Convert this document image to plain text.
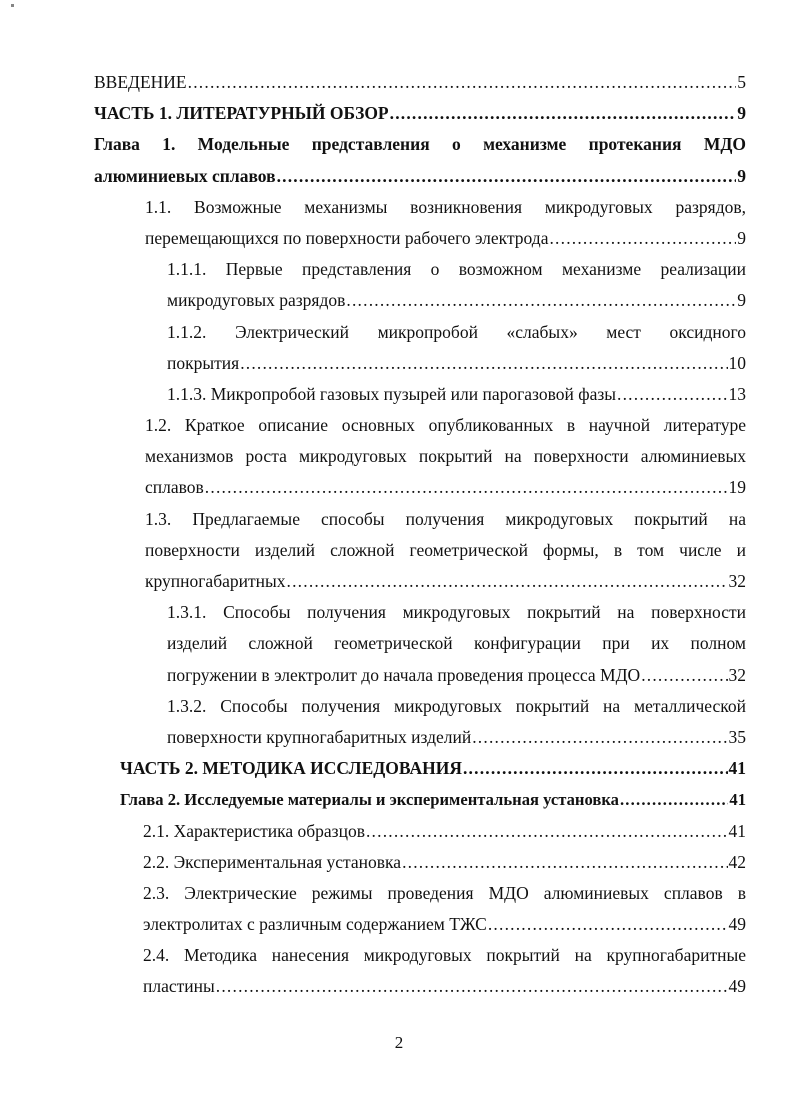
ВВЕДЕНИЕ .....	5
ЧАСТЬ 1. ЛИТЕРАТУРНЫЙ ОБЗОР .....	9
Глава 1. Модельные представления о механизме протекания МДО
алюминиевых сплавов .....	9
1.1. Возможные механизмы возникновения микродуговых разрядов,
перемещающихся по поверхности рабочего электрода .....	9
1.1.1. Первые представления о возможном механизме реализации
микродуговых разрядов .....	9
1.1.2. Электрический микропробой «слабых» мест оксидного
покрытия .....	10
1.1.3. Микропробой газовых пузырей или парогазовой фазы .....	13
1.2. Краткое описание основных опубликованных в научной литературе
механизмов роста микродуговых покрытий на поверхности алюминиевых
сплавов .....	19
1.3. Предлагаемые способы получения микродуговых покрытий на
поверхности изделий сложной геометрической формы, в том числе и
крупногабаритных .....	32
1.3.1. Способы получения микродуговых покрытий на поверхности
изделий сложной геометрической конфигурации при их полном
погружении в электролит до начала проведения процесса МДО .....	32
1.3.2. Способы получения микродуговых покрытий на металлической
поверхности крупногабаритных изделий .....	35
ЧАСТЬ 2. МЕТОДИКА ИССЛЕДОВАНИЯ .....	41
Глава 2. Исследуемые материалы и экспериментальная установка .....	41
2.1. Характеристика образцов .....	41
2.2. Экспериментальная установка .....	42
2.3. Электрические режимы проведения МДО алюминиевых сплавов в
электролитах с различным содержанием ТЖС .....	49
2.4. Методика нанесения микродуговых покрытий на крупногабаритные
пластины .....	49
2
